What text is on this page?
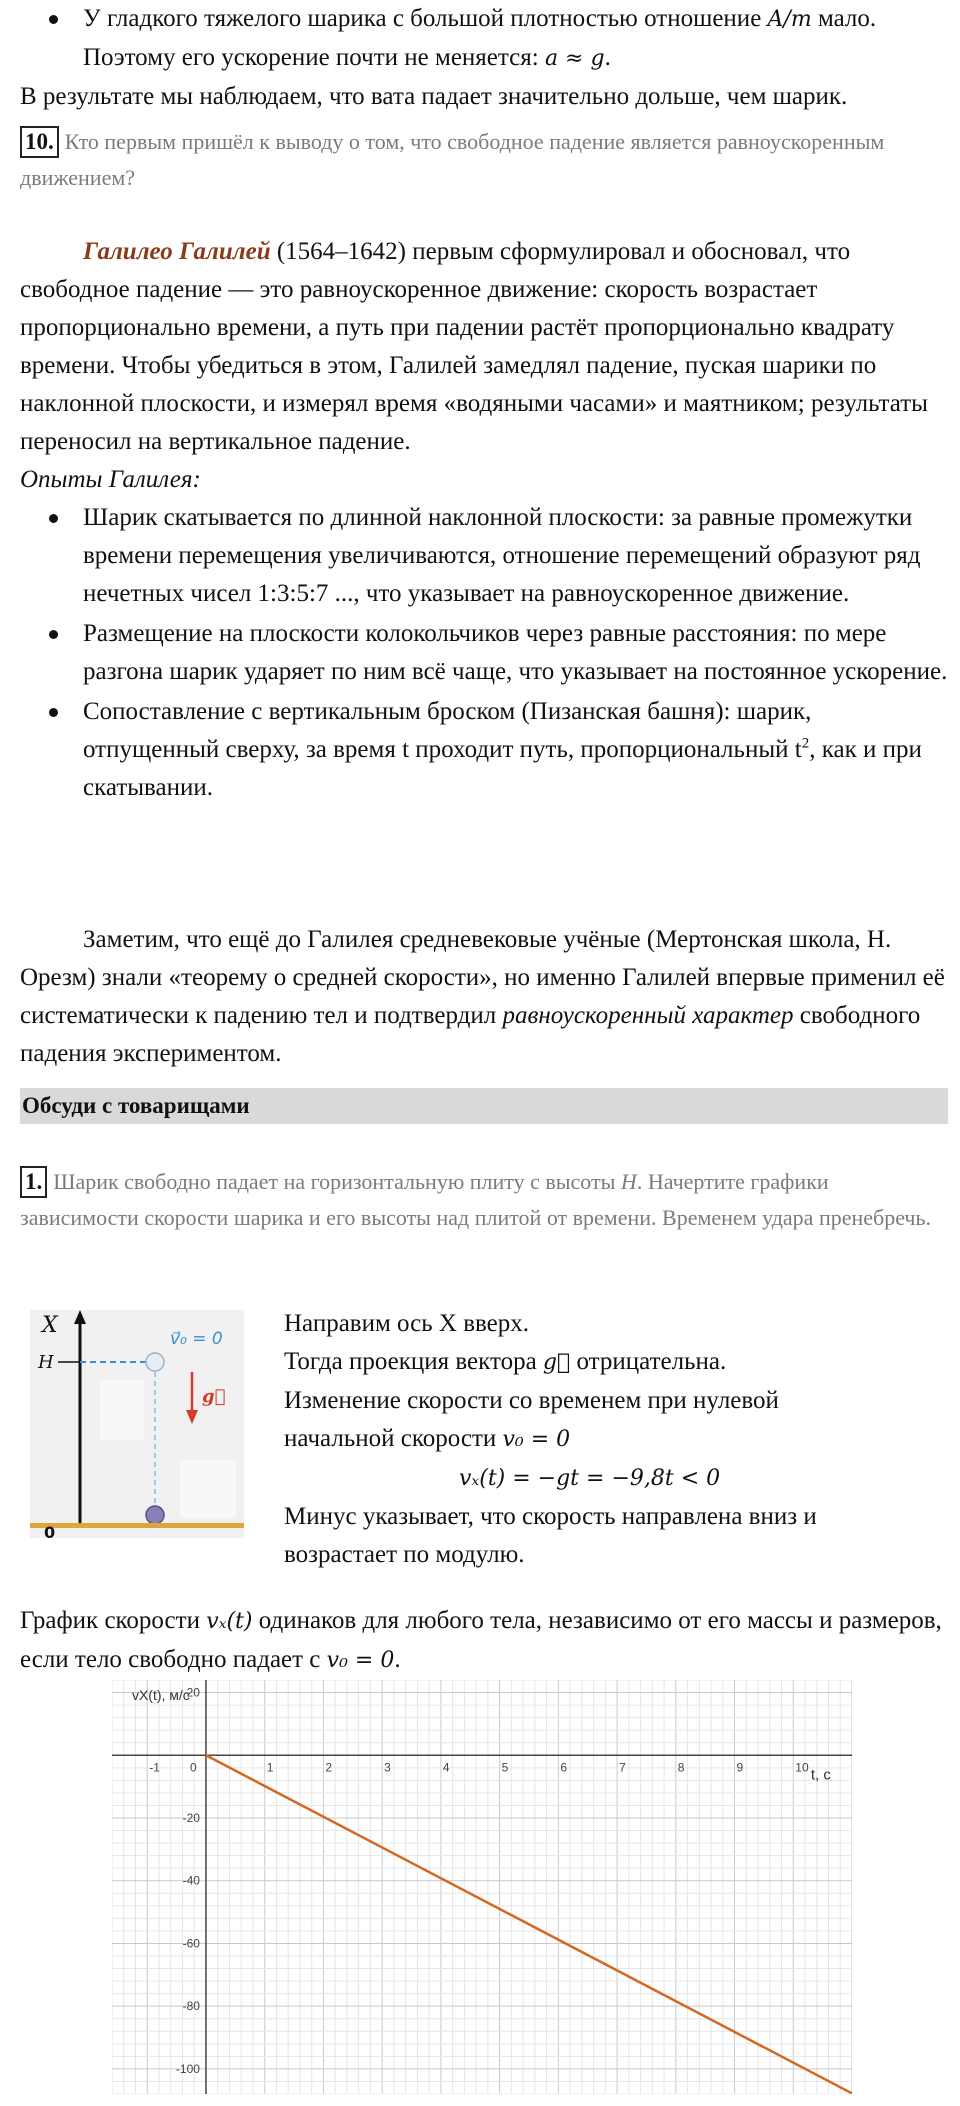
У гладкого тяжелого шарика с большой плотностью отношение A/m мало. Поэтому его ускорение почти не меняется: a ≈ g.

В результате мы наблюдаем, что вата падает значительно дольше, чем шарик.

10. Кто первым пришёл к выводу о том, что свободное падение является равноускоренным движением?

Галилео Галилей (1564–1642) первым сформулировал и обосновал, что свободное падение — это равноускоренное движение: скорость возрастает пропорционально времени, а путь при падении растёт пропорционально квадрату времени. Чтобы убедиться в этом, Галилей замедлял падение, пуская шарики по наклонной плоскости, и измерял время «водяными часами» и маятником; результаты переносил на вертикальное падение.

Опыты Галилея:

Шарик скатывается по длинной наклонной плоскости: за равные промежутки времени перемещения увеличиваются, отношение перемещений образуют ряд нечетных чисел 1:3:5:7 ..., что указывает на равноускоренное движение.
Размещение на плоскости колокольчиков через равные расстояния: по мере разгона шарик ударяет по ним всё чаще, что указывает на постоянное ускорение.
Сопоставление с вертикальным броском (Пизанская башня): шарик, отпущенный сверху, за время t проходит путь, пропорциональный $t^2$, как и при скатывании.

Заметим, что ещё до Галилея средневековые учёные (Мертонская школа, Н. Орезм) знали «теорему о средней скорости», но именно Галилей впервые применил её систематически к падению тел и подтвердил равноускоренный характер свободного падения экспериментом.

Обсуди с товарищами
1. Шарик свободно падает на горизонтальную плиту с высоты H. Начертите графики зависимости скорости шарика и его высоты над плитой от времени. Временем удара пренебречь.
X
H
v⃗₀ = 0
g⃗
0

Направим ось X вверх.

Тогда проекция вектора g⃗ отрицательна.

Изменение скорости со временем при нулевой

начальной скорости v₀ = 0

vₓ(t) = −gt = −9,8t < 0

Минус указывает, что скорость направлена вниз и

возрастает по модулю.

График скорости vₓ(t) одинаков для любого тела, независимо от его массы и размеров, если тело свободно падает с v₀ = 0.

-1	1	2	3	4	5	6	7	8	9	10
0
20
-20
-40
-60
-80
-100
vX(t), м/с
t, с
